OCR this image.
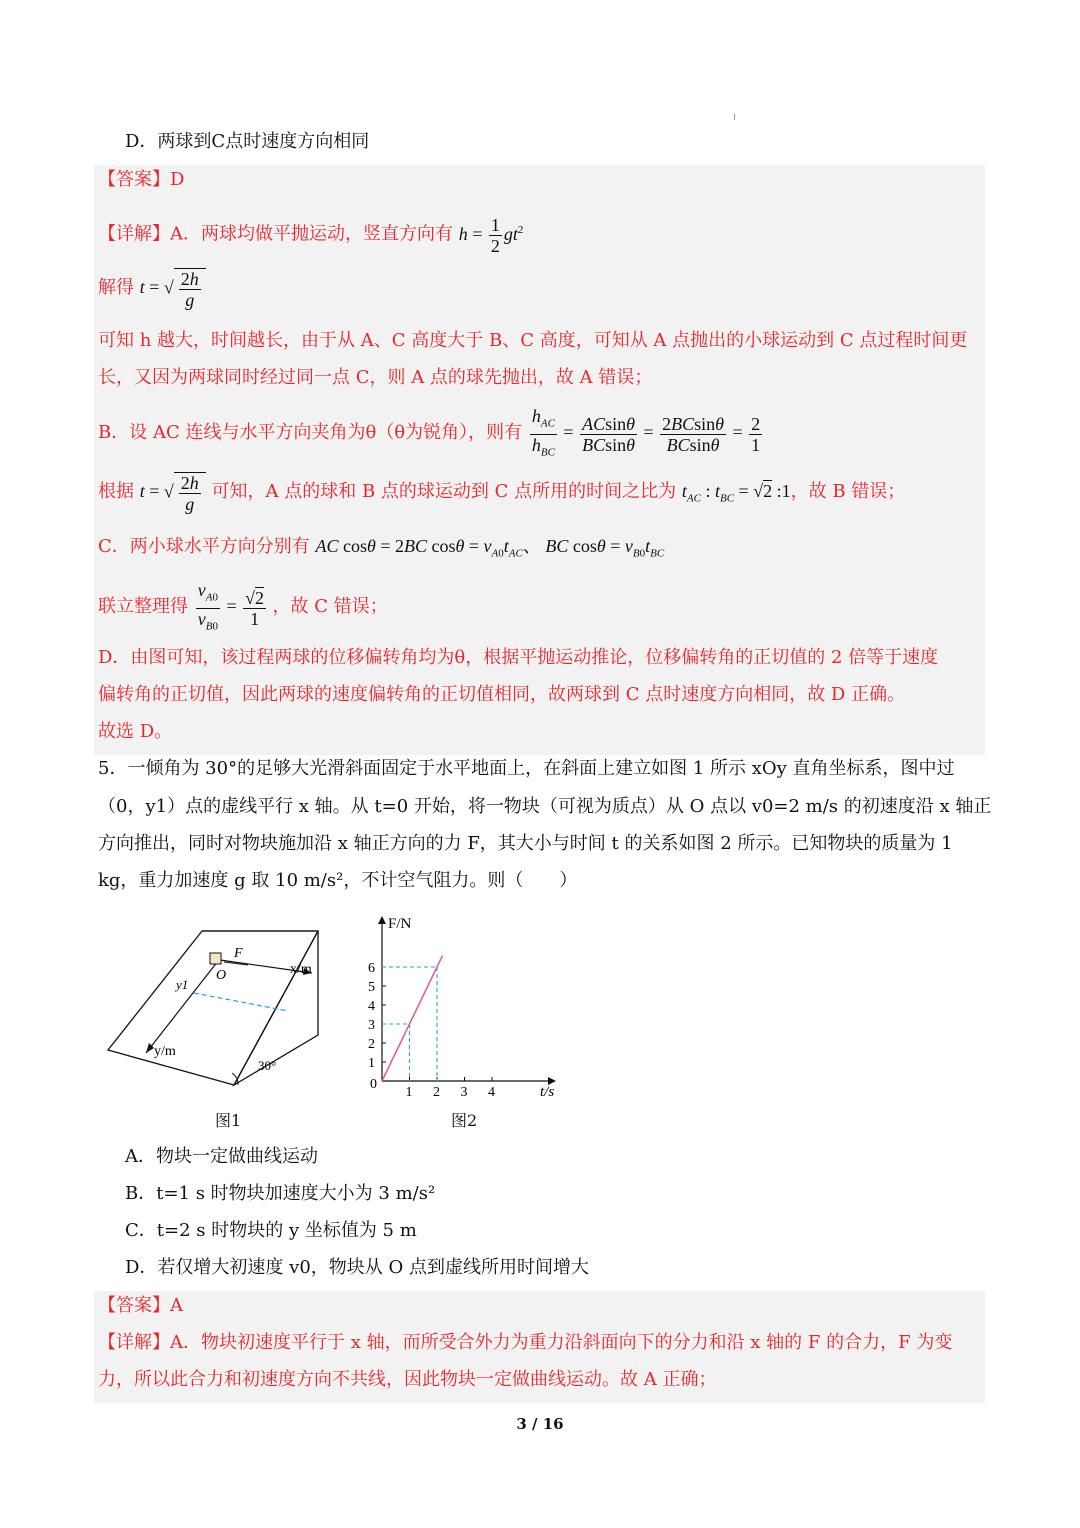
D．两球到C点时速度方向相同
【答案】D
【详解】A．两球均做平抛运动，竖直方向有 $h = \frac{1}{2} gt^2$
解得 t = √ $\frac{2h}{g}$
可知 h 越大，时间越长，由于从 A、C 高度大于 B、C 高度，可知从 A 点抛出的小球运动到 C 点过程时间更
长，又因为两球同时经过同一点 C，则 A 点的球先抛出，故 A 错误；
B．设 AC 连线与水平方向夹角为θ（θ为锐角），则有 $\frac{h_{AC}}{h_{BC}} = \frac{ACsin\theta}{BCsin\theta} = \frac{2BCsin\theta}{BCsin\theta} = \frac{2}{1}$
根据 t = √ $\frac{2h}{g}$ 可知，A 点的球和 B 点的球运动到 C 点所用的时间之比为 $t_{AC}$ : $t_{BC} = √2$ :1，故 B 错误；
C．两小球水平方向分别有 AC cosθ = 2BC $\cos\theta = v_{A0}t_{AC}$、 BC $\cos\theta = v_{B0}t_{BC}$
联立整理得 $\frac{v_{A0}}{v_{B0}} = \frac{√2}{1}$ ，故 C 错误；
D．由图可知，该过程两球的位移偏转角均为θ，根据平抛运动推论，位移偏转角的正切值的 2 倍等于速度
偏转角的正切值，因此两球的速度偏转角的正切值相同，故两球到 C 点时速度方向相同，故 D 正确。
故选 D。
5．一倾角为 30°的足够大光滑斜面固定于水平地面上，在斜面上建立如图 1 所示 xOy 直角坐标系，图中过
（0，y1）点的虚线平行 x 轴。从 t=0 开始，将一物块（可视为质点）从 O 点以 v0=2 m/s 的初速度沿 x 轴正
方向推出，同时对物块施加沿 x 轴正方向的力 F，其大小与时间 t 的关系如图 2 所示。已知物块的质量为 1
kg，重力加速度 g 取 10 m/s²，不计空气阻力。则（　　）
F
O	x/m
y1
y/m
30°
图1
F/N
t/s
0
1 2 3 4
1
2
3
4
5
6
图2
A．物块一定做曲线运动
B．t=1 s 时物块加速度大小为 3 m/s²
C．t=2 s 时物块的 y 坐标值为 5 m
D．若仅增大初速度 v0，物块从 O 点到虚线所用时间增大
【答案】A
【详解】A．物块初速度平行于 x 轴，而所受合外力为重力沿斜面向下的分力和沿 x 轴的 F 的合力，F 为变
力，所以此合力和初速度方向不共线，因此物块一定做曲线运动。故 A 正确；
3 / 16
